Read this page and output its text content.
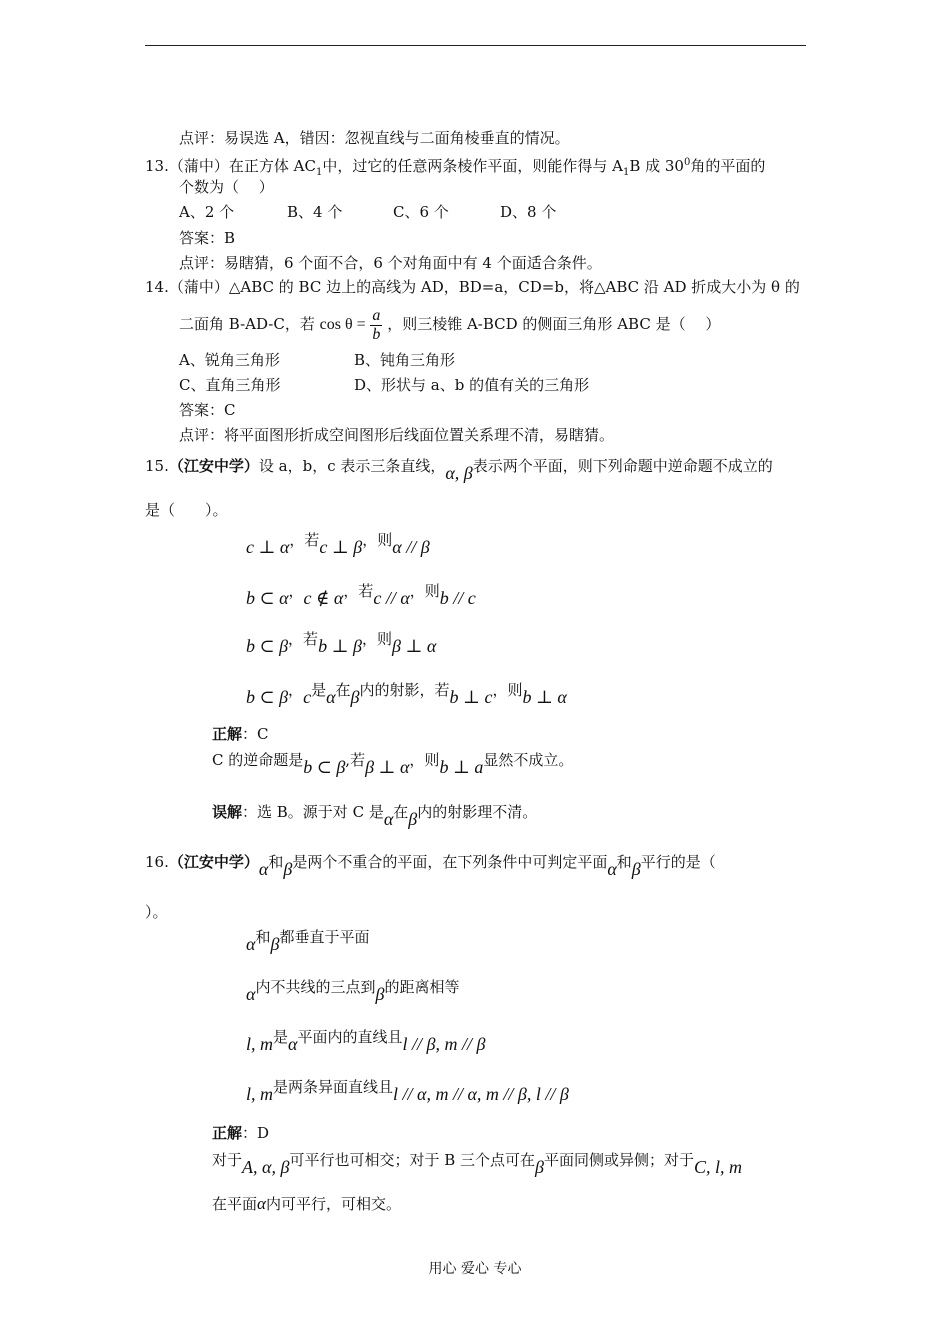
点评：易误选 A，错因：忽视直线与二面角棱垂直的情况。
13.（蒲中）在正方体 $AC_1$中，过它的任意两条棱作平面，则能作得与 $A_1B$ 成 $30^0$角的平面的
个数为（　 ）
A、2 个	B、4 个	C、6 个	D、8 个
答案：B
点评：易瞎猜，6 个面不合，6 个对角面中有 4 个面适合条件。
14.（蒲中）△ABC 的 BC 边上的高线为 AD，BD=a，CD=b，将△ABC 沿 AD 折成大小为 θ 的
二面角 B-AD-C，若 $\cos \theta = \frac{a}{b}$ ，则三棱锥 A-BCD 的侧面三角形 ABC 是（　 ）
A、锐角三角形	B、钝角三角形
C、直角三角形	D、形状与 a、b 的值有关的三角形
答案：C
点评：将平面图形折成空间图形后线面位置关系理不清，易瞎猜。
15.（江安中学）设 a，b，c 表示三条直线，α, β表示两个平面，则下列命题中逆命题不成立的
是（　　）。
c ⊥ α，若c ⊥ β，则α // β
b ⊂ α，c ∉ α，若c // α，则b // c
b ⊂ β，若b ⊥ β，则β ⊥ α
b ⊂ β，c是α在β内的射影，若b ⊥ c，则b ⊥ α
正解：C
C 的逆命题是b ⊂ β,若β ⊥ α，则b ⊥ a显然不成立。
误解：选 B。源于对 C 是α在β内的射影理不清。
16.（江安中学）α和β是两个不重合的平面，在下列条件中可判定平面α和β平行的是（
）。
α和β都垂直于平面
α内不共线的三点到β的距离相等
l, m是α平面内的直线且l // β, m // β
l, m是两条异面直线且l // α, m // α, m // β, l // β
正解：D
对于A, α, β可平行也可相交；对于 B 三个点可在β平面同侧或异侧；对于C, l, m
在平面α内可平行，可相交。
用心 爱心 专心
